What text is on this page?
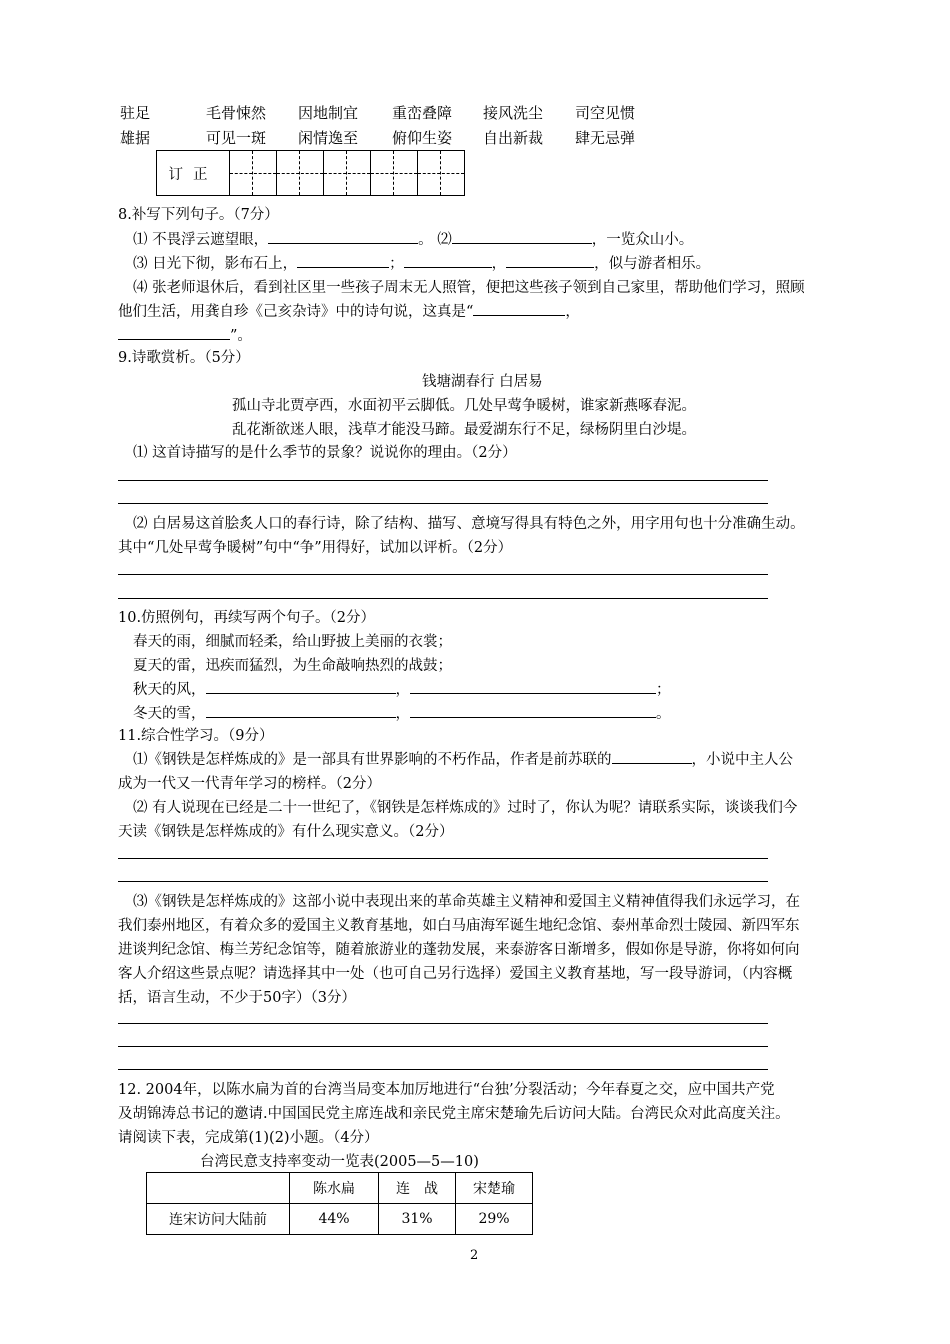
驻足	毛骨悚然 因地制宜 重峦叠障 接风洗尘 司空见惯
雄据	可见一斑 闲情逸至 俯仰生姿 自出新裁 肆无忌弹
订正	

8.补写下列句子。（7分）
⑴ 不畏浮云遮望眼，	。 ⑵	，一览众山小。
⑶ 日光下彻，影布石上，	；	，	，似与游者相乐。
⑷ 张老师退休后，看到社区里一些孩子周末无人照管，便把这些孩子领到自己家里，帮助他们学习，照顾
他们生活，用龚自珍《己亥杂诗》中的诗句说，这真是“	，
”。
9.诗歌赏析。（5分）
钱塘湖春行 白居易
孤山寺北贾亭西，水面初平云脚低。几处早莺争暖树，谁家新燕啄春泥。
乱花渐欲迷人眼，浅草才能没马蹄。最爱湖东行不足，绿杨阴里白沙堤。
⑴ 这首诗描写的是什么季节的景象？说说你的理由。（2分）
⑵ 白居易这首脍炙人口的春行诗，除了结构、描写、意境写得具有特色之外，用字用句也十分准确生动。
其中“几处早莺争暖树”句中“争”用得好，试加以评析。（2分）
10.仿照例句，再续写两个句子。（2分）
春天的雨，细腻而轻柔，给山野披上美丽的衣裳；
夏天的雷，迅疾而猛烈，为生命敲响热烈的战鼓；
秋天的风，	，	；
冬天的雪，	，	。
11.综合性学习。（9分）
⑴《钢铁是怎样炼成的》是一部具有世界影响的不朽作品，作者是前苏联的	，小说中主人公
成为一代又一代青年学习的榜样。（2分）
⑵ 有人说现在已经是二十一世纪了，《钢铁是怎样炼成的》过时了，你认为呢？请联系实际，谈谈我们今
天读《钢铁是怎样炼成的》有什么现实意义。（2分）
⑶《钢铁是怎样炼成的》这部小说中表现出来的革命英雄主义精神和爱国主义精神值得我们永远学习，在
我们泰州地区，有着众多的爱国主义教育基地，如白马庙海军诞生地纪念馆、泰州革命烈士陵园、新四军东
进谈判纪念馆、梅兰芳纪念馆等，随着旅游业的蓬勃发展，来泰游客日渐增多，假如你是导游，你将如何向
客人介绍这些景点呢？请选择其中一处（也可自己另行选择）爱国主义教育基地，写一段导游词，（内容概
括，语言生动，不少于50字）（3分）
12. 2004年，以陈水扁为首的台湾当局变本加厉地进行“台独’分裂活动；今年春夏之交，应中国共产党
及胡锦涛总书记的邀请.中国国民党主席连战和亲民党主席宋楚瑜先后访问大陆。台湾民众对此高度关注。
请阅读下表，完成第(1)(2)小题。（4分）
台湾民意支持率变动一览表(2005—5—10)
	陈水扁	连　战	宋楚瑜
连宋访问大陆前	44%	31%	29%
2
